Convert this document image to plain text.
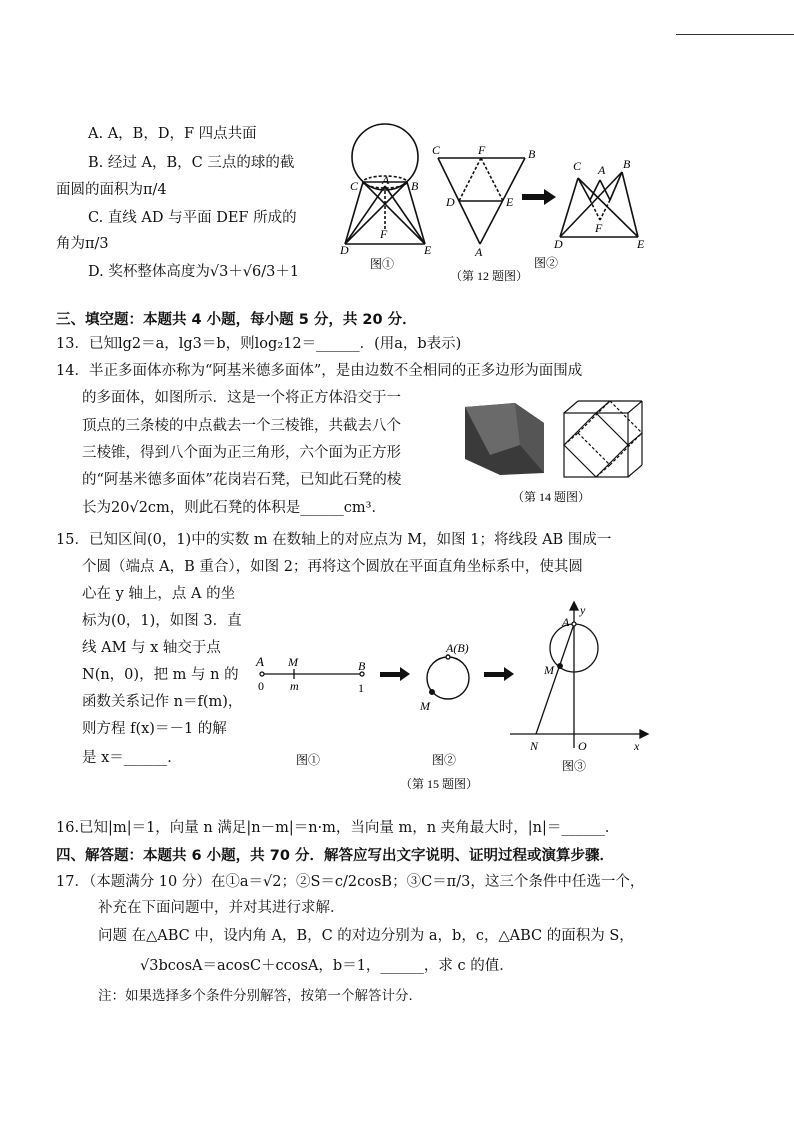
A. A，B，D，F 四点共面
B. 经过 A，B，C 三点的球的截
面圆的面积为π/4
C. 直线 AD 与平面 DEF 所成的
角为π/3
D. 奖杯整体高度为√3＋√6/3＋1
C A B
D
F
E
图①
C	F	B
D	E
A
C A B
D
F
E
图②
（第 12 题图）
三、填空题：本题共 4 小题，每小题 5 分，共 20 分．
13．已知lg2＝a，lg3＝b，则log₂12＝______．(用a，b表示)
14．半正多面体亦称为“阿基米德多面体”，是由边数不全相同的正多边形为面围成
的多面体，如图所示．这是一个将正方体沿交于一
顶点的三条棱的中点截去一个三棱锥，共截去八个
三棱锥，得到八个面为正三角形，六个面为正方形
的“阿基米德多面体”花岗岩石凳，已知此石凳的棱
长为20√2cm，则此石凳的体积是______cm³．
（第 14 题图）
15．已知区间(0，1)中的实数 m 在数轴上的对应点为 M，如图 1；将线段 AB 围成一
个圆（端点 A，B 重合），如图 2；再将这个圆放在平面直角坐标系中，使其圆
心在 y 轴上，点 A 的坐
标为(0，1)，如图 3．直
线 AM 与 x 轴交于点
N(n，0)，把 m 与 n 的
函数关系记作 n＝f(m)，
则方程 f(x)＝－1 的解
是 x＝______．
A M	B
0 m	1
图①
A(B)
M
图②
y
A
M
N	O	x
图③
（第 15 题图）
16.已知|m|＝1，向量 n 满足|n－m|＝n·m，当向量 m，n 夹角最大时，|n|＝______．
四、解答题：本题共 6 小题，共 70 分．解答应写出文字说明、证明过程或演算步骤．
17．（本题满分 10 分）在①a＝√2；②S＝c/2cosB；③C＝π/3，这三个条件中任选一个，
补充在下面问题中，并对其进行求解．
问题 在△ABC 中，设内角 A，B，C 的对边分别为 a，b，c，△ABC 的面积为 S，
√3bcosA＝acosC＋ccosA，b＝1，______，求 c 的值．
注：如果选择多个条件分别解答，按第一个解答计分．
